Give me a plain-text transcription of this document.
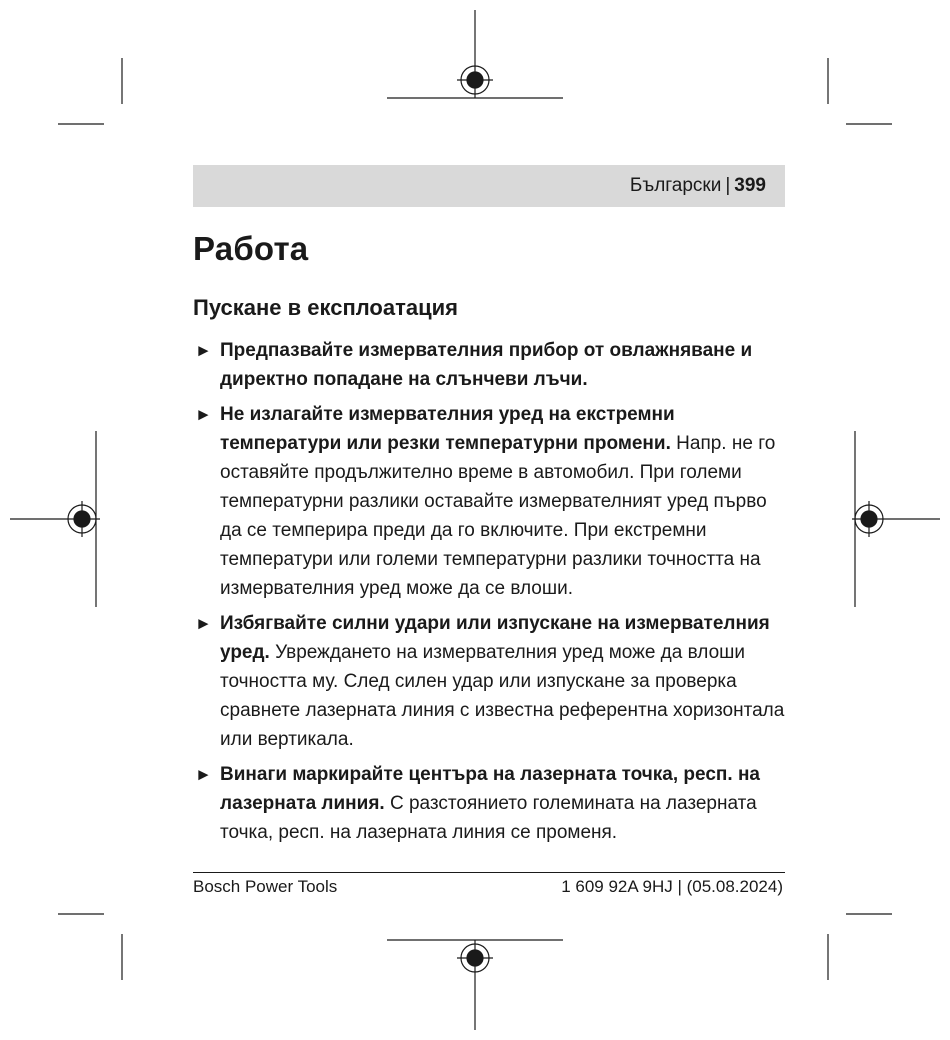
Български | 399
Работа
Пускане в експлоатация
► Предпазвайте измервателния прибор от овлажняване и директно попадане на слънчеви лъчи.
► Не излагайте измервателния уред на екстремни температури или резки температурни промени. Напр. не го оставяйте продължително време в автомобил. При големи температурни разлики оставайте измервателният уред първо да се темперира преди да го включите. При екстремни температури или големи температурни разлики точността на измервателния уред може да се влоши.
► Избягвайте силни удари или изпускане на измервателния уред. Увреждането на измервателния уред може да влоши точността му. След силен удар или изпускане за проверка сравнете лазерната линия с известна референтна хоризонтала или вертикала.
► Винаги маркирайте центъра на лазерната точка, респ. на лазерната линия. С разстоянието големината на лазерната точка, респ. на лазерната линия се променя.
Bosch Power Tools	1 609 92A 9HJ | (05.08.2024)
